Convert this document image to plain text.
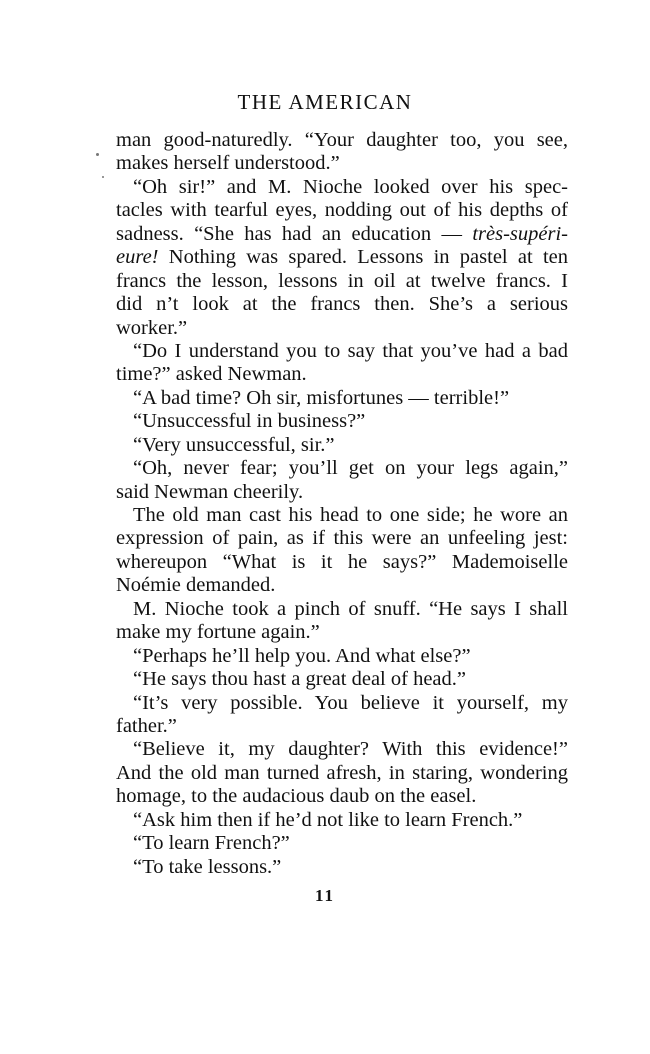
THE AMERICAN
man good-naturedly. “Your daughter too, you see,
makes herself understood.”
“Oh sir!” and M. Nioche looked over his spec-
tacles with tearful eyes, nodding out of his depths of
sadness. “She has had an education — très-supéri-
eure! Nothing was spared. Lessons in pastel at ten
francs the lesson, lessons in oil at twelve francs. I
did n’t look at the francs then. She’s a serious
worker.”
“Do I understand you to say that you’ve had a bad
time?” asked Newman.
“A bad time? Oh sir, misfortunes — terrible!”
“Unsuccessful in business?”
“Very unsuccessful, sir.”
“Oh, never fear; you’ll get on your legs again,”
said Newman cheerily.
The old man cast his head to one side; he wore an
expression of pain, as if this were an unfeeling jest:
whereupon “What is it he says?” Mademoiselle
Noémie demanded.
M. Nioche took a pinch of snuff. “He says I shall
make my fortune again.”
“Perhaps he’ll help you. And what else?”
“He says thou hast a great deal of head.”
“It’s very possible. You believe it yourself, my
father.”
“Believe it, my daughter? With this evidence!”
And the old man turned afresh, in staring, wondering
homage, to the audacious daub on the easel.
“Ask him then if he’d not like to learn French.”
“To learn French?”
“To take lessons.”
11
